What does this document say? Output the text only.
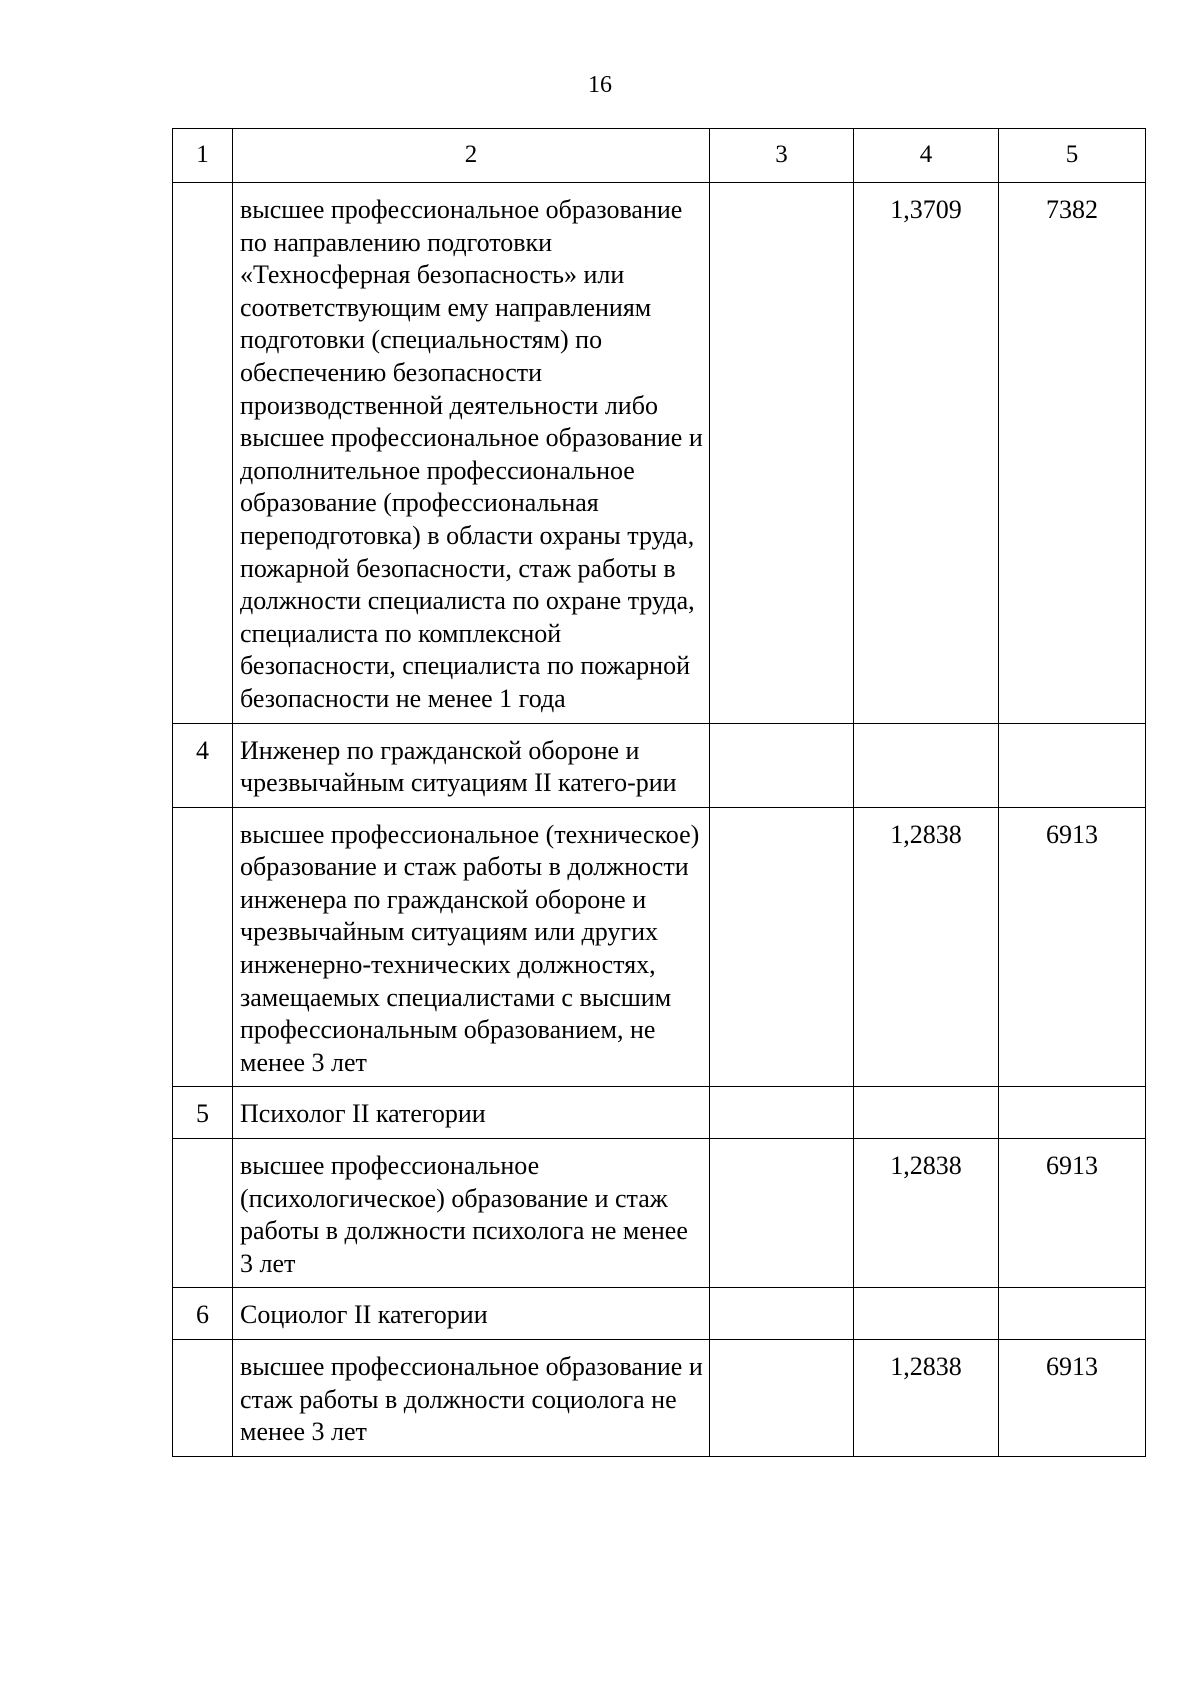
16
1	2	3	4	5
	высшее профессиональное образование по направлению подготовки «Техносферная безопасность» или соответствующим ему направлениям подготовки (специальностям) по обеспечению безопасности производственной деятельности либо высшее профессиональное образование и дополнительное профессиональное образование (профессиональная переподготовка) в области охраны труда, пожарной безопасности, стаж работы в должности специалиста по охране труда, специалиста по комплексной безопасности, специалиста по пожарной безопасности не менее 1 года		1,3709	7382
4	Инженер по гражданской обороне и чрезвычайным ситуациям II катего-рии			
	высшее профессиональное (техническое) образование и стаж работы в должности инженера по гражданской обороне и чрезвычайным ситуациям или других инженерно-технических должностях, замещаемых специалистами с высшим профессиональным образованием, не менее 3 лет		1,2838	6913
5	Психолог II категории			
	высшее профессиональное (психологическое) образование и стаж работы в должности психолога не менее 3 лет		1,2838	6913
6	Социолог II категории			
	высшее профессиональное образование и стаж работы в должности социолога не менее 3 лет		1,2838	6913
